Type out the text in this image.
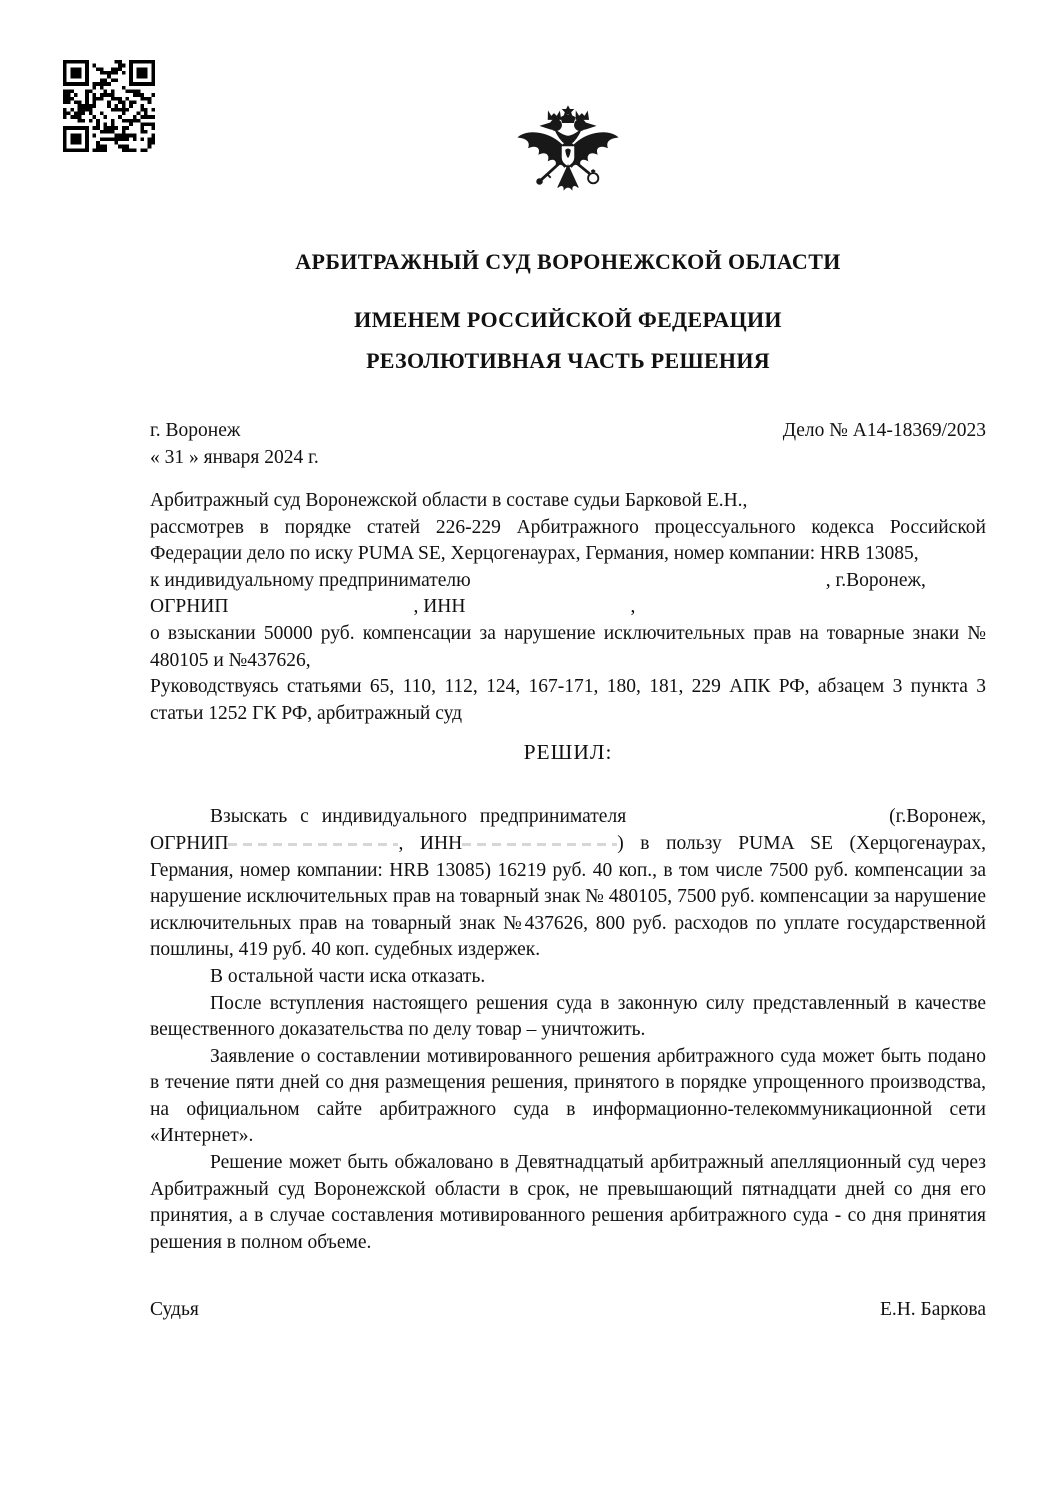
АРБИТРАЖНЫЙ СУД ВОРОНЕЖСКОЙ ОБЛАСТИ
ИМЕНЕМ РОССИЙСКОЙ ФЕДЕРАЦИИ
РЕЗОЛЮТИВНАЯ ЧАСТЬ РЕШЕНИЯ
г. Воронеж	Дело № А14-18369/2023
« 31 » января 2024 г.

Арбитражный суд Воронежской области в составе судьи Барковой Е.Н.,

рассмотрев в порядке статей 226-229 Арбитражного процессуального кодекса Российской Федерации дело по иску PUMA SE, Херцогенаурах, Германия, номер компании: HRB 13085,

к индивидуальному предпринимателю	, г.Воронеж,

ОГРНИП	, ИНН	,

о взыскании 50000 руб. компенсации за нарушение исключительных прав на товарные знаки № 480105 и №437626,

Руководствуясь статьями 65, 110, 112, 124, 167-171, 180, 181, 229 АПК РФ, абзацем 3 пункта 3 статьи 1252 ГК РФ, арбитражный суд

РЕШИЛ:

Взыскать с индивидуального предпринимателя	(г.Воронеж, ОГРНИП	, ИНН	) в пользу PUMA SE (Херцогенаурах, Германия, номер компании: HRB 13085) 16219 руб. 40 коп., в том числе 7500 руб. компенсации за нарушение исключительных прав на товарный знак № 480105, 7500 руб. компенсации за нарушение исключительных прав на товарный знак №437626, 800 руб. расходов по уплате государственной пошлины, 419 руб. 40 коп. судебных издержек.

В остальной части иска отказать.

После вступления настоящего решения суда в законную силу представленный в качестве вещественного доказательства по делу товар – уничтожить.

Заявление о составлении мотивированного решения арбитражного суда может быть подано в течение пяти дней со дня размещения решения, принятого в порядке упрощенного производства, на официальном сайте арбитражного суда в информационно-телекоммуникационной сети «Интернет».

Решение может быть обжаловано в Девятнадцатый арбитражный апелляционный суд через Арбитражный суд Воронежской области в срок, не превышающий пятнадцати дней со дня его принятия, а в случае составления мотивированного решения арбитражного суда - со дня принятия решения в полном объеме.

Судья	Е.Н. Баркова
